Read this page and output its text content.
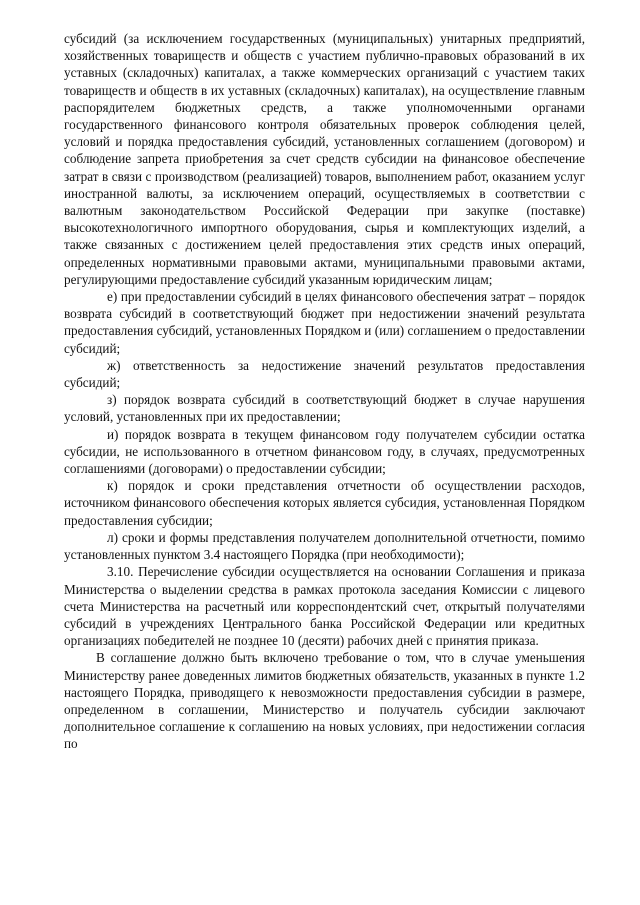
субсидий (за исключением государственных (муниципальных) унитарных предприятий, хозяйственных товариществ и обществ с участием публично-правовых образований в их уставных (складочных) капиталах, а также коммерческих организаций с участием таких товариществ и обществ в их уставных (складочных) капиталах), на осуществление главным распорядителем бюджетных средств, а также уполномоченными органами государственного финансового контроля обязательных проверок соблюдения целей, условий и порядка предоставления субсидий, установленных соглашением (договором) и соблюдение запрета приобретения за счет средств субсидии на финансовое обеспечение затрат в связи с производством (реализацией) товаров, выполнением работ, оказанием услуг иностранной валюты, за исключением операций, осуществляемых в соответствии с валютным законодательством Российской Федерации при закупке (поставке) высокотехнологичного импортного оборудования, сырья и комплектующих изделий, а также связанных с достижением целей предоставления этих средств иных операций, определенных нормативными правовыми актами, муниципальными правовыми актами, регулирующими предоставление субсидий указанным юридическим лицам;

е) при предоставлении субсидий в целях финансового обеспечения затрат – порядок возврата субсидий в соответствующий бюджет при недостижении значений результата предоставления субсидий, установленных Порядком и (или) соглашением о предоставлении субсидий;

ж) ответственность за недостижение значений результатов предоставления субсидий;

з) порядок возврата субсидий в соответствующий бюджет в случае нарушения условий, установленных при их предоставлении;

и) порядок возврата в текущем финансовом году получателем субсидии остатка субсидии, не использованного в отчетном финансовом году, в случаях, предусмотренных соглашениями (договорами) о предоставлении субсидии;

к) порядок и сроки представления отчетности об осуществлении расходов, источником финансового обеспечения которых является субсидия, установленная Порядком предоставления субсидии;

л) сроки и формы представления получателем дополнительной отчетности, помимо установленных пунктом 3.4 настоящего Порядка (при необходимости);

3.10. Перечисление субсидии осуществляется на основании Соглашения и приказа Министерства о выделении средства в рамках протокола заседания Комиссии с лицевого счета Министерства на расчетный или корреспондентский счет, открытый получателями субсидий в учреждениях Центрального банка Российской Федерации или кредитных организациях победителей не позднее 10 (десяти) рабочих дней с принятия приказа.

В соглашение должно быть включено требование о том, что в случае уменьшения Министерству ранее доведенных лимитов бюджетных обязательств, указанных в пункте 1.2 настоящего Порядка, приводящего к невозможности предоставления субсидии в размере, определенном в соглашении, Министерство и получатель субсидии заключают дополнительное соглашение к соглашению на новых условиях, при недостижении согласия по
